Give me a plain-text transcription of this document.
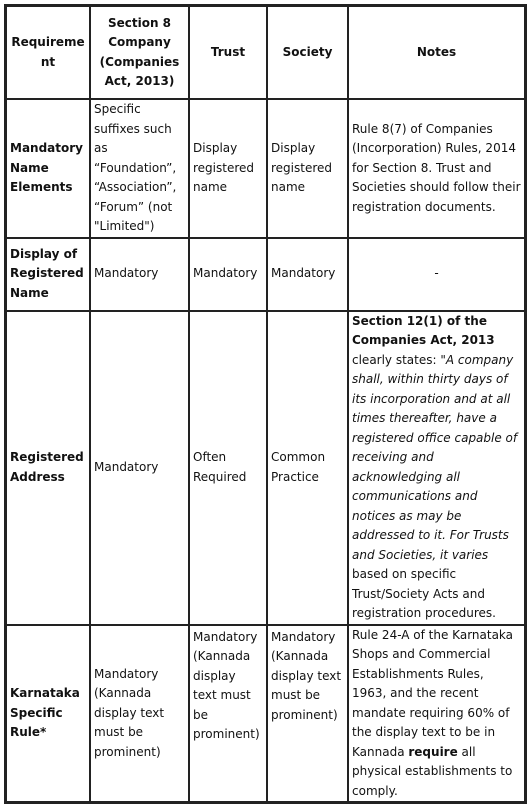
Requirement	Section 8 Company (Companies Act, 2013)	Trust	Society	Notes
Mandatory Name Elements	Specific suffixes such as “Foundation”, “Association”, “Forum” (not "Limited")	Display registered name	Display registered name	Rule 8(7) of Companies (Incorporation) Rules, 2014 for Section 8. Trust and Societies should follow their registration documents.
Display of Registered Name	Mandatory	Mandatory	Mandatory	-
Registered Address	Mandatory	Often Required	Common Practice	Section 12(1) of the Companies Act, 2013 clearly states: "A company shall, within thirty days of its incorporation and at all times thereafter, have a registered office capable of receiving and acknowledging all communications and notices as may be addressed to it. For Trusts and Societies, it varies based on specific Trust/Society Acts and registration procedures.
Karnataka Specific Rule*	Mandatory (Kannada display text must be prominent)	Mandatory (Kannada display text must be prominent)	Mandatory (Kannada display text must be prominent)	Rule 24-A of the Karnataka Shops and Commercial Establishments Rules, 1963, and the recent mandate requiring 60% of the display text to be in Kannada require all physical establishments to comply.
